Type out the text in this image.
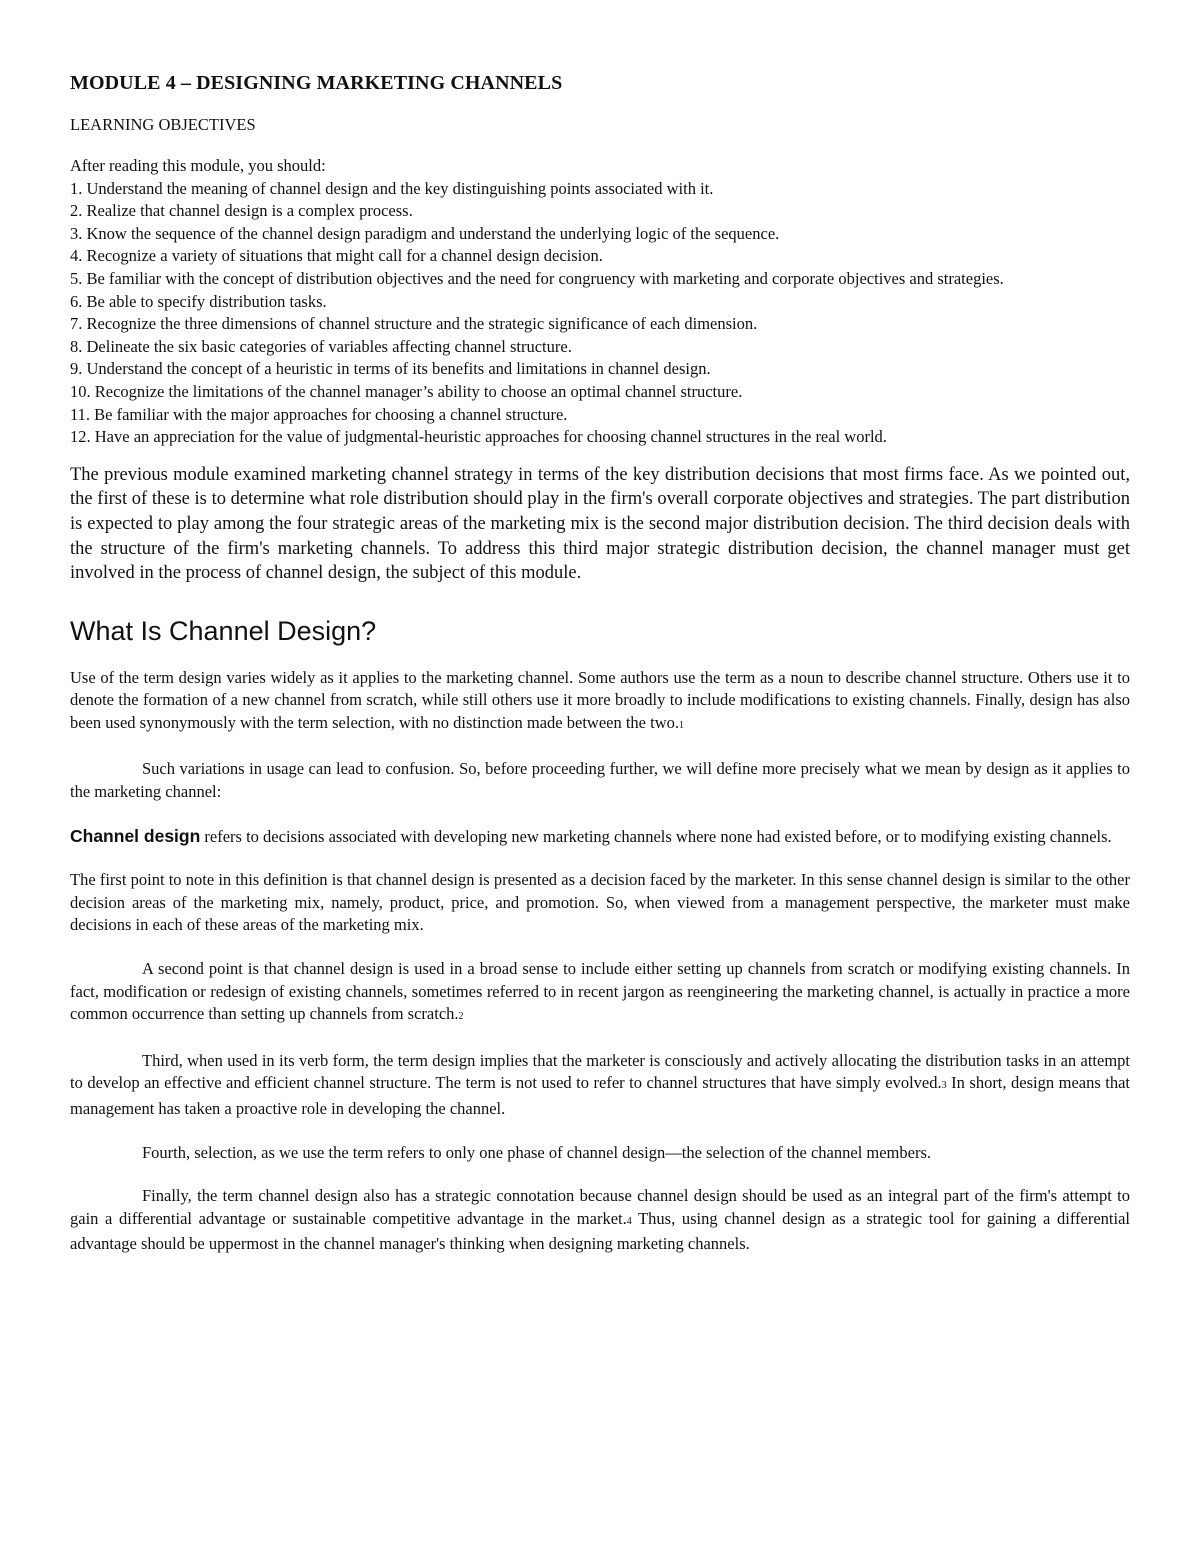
MODULE 4 – DESIGNING MARKETING CHANNELS
LEARNING OBJECTIVES
After reading this module, you should:
1. Understand the meaning of channel design and the key distinguishing points associated with it.
2. Realize that channel design is a complex process.
3. Know the sequence of the channel design paradigm and understand the underlying logic of the sequence.
4. Recognize a variety of situations that might call for a channel design decision.
5. Be familiar with the concept of distribution objectives and the need for congruency with marketing and corporate objectives and strategies.
6. Be able to specify distribution tasks.
7. Recognize the three dimensions of channel structure and the strategic significance of each dimension.
8. Delineate the six basic categories of variables affecting channel structure.
9. Understand the concept of a heuristic in terms of its benefits and limitations in channel design.
10. Recognize the limitations of the channel manager’s ability to choose an optimal channel structure.
11. Be familiar with the major approaches for choosing a channel structure.
12. Have an appreciation for the value of judgmental-heuristic approaches for choosing channel structures in the real world.

The previous module examined marketing channel strategy in terms of the key distribution decisions that most firms face. As we pointed out, the first of these is to determine what role distribution should play in the firm's overall corporate objectives and strategies. The part distribution is expected to play among the four strategic areas of the marketing mix is the second major distribution decision. The third decision deals with the structure of the firm's marketing channels. To address this third major strategic distribution decision, the channel manager must get involved in the process of channel design, the subject of this module.

What Is Channel Design?

Use of the term design varies widely as it applies to the marketing channel. Some authors use the term as a noun to describe channel structure. Others use it to denote the formation of a new channel from scratch, while still others use it more broadly to include modifications to existing channels. Finally, design has also been used synonymously with the term selection, with no distinction made between the two.1

Such variations in usage can lead to confusion. So, before proceeding further, we will define more precisely what we mean by design as it applies to the marketing channel:

Channel design refers to decisions associated with developing new marketing channels where none had existed before, or to modifying existing channels.

The first point to note in this definition is that channel design is presented as a decision faced by the marketer. In this sense channel design is similar to the other decision areas of the marketing mix, namely, product, price, and promotion. So, when viewed from a management perspective, the marketer must make decisions in each of these areas of the marketing mix.

A second point is that channel design is used in a broad sense to include either setting up channels from scratch or modifying existing channels. In fact, modification or redesign of existing channels, sometimes referred to in recent jargon as reengineering the marketing channel, is actually in practice a more common occurrence than setting up channels from scratch.2

Third, when used in its verb form, the term design implies that the marketer is consciously and actively allocating the distribution tasks in an attempt to develop an effective and efficient channel structure. The term is not used to refer to channel structures that have simply evolved.3 In short, design means that management has taken a proactive role in developing the channel.

Fourth, selection, as we use the term refers to only one phase of channel design—the selection of the channel members.

Finally, the term channel design also has a strategic connotation because channel design should be used as an integral part of the firm's attempt to gain a differential advantage or sustainable competitive advantage in the market.4 Thus, using channel design as a strategic tool for gaining a differential advantage should be uppermost in the channel manager's thinking when designing marketing channels.
